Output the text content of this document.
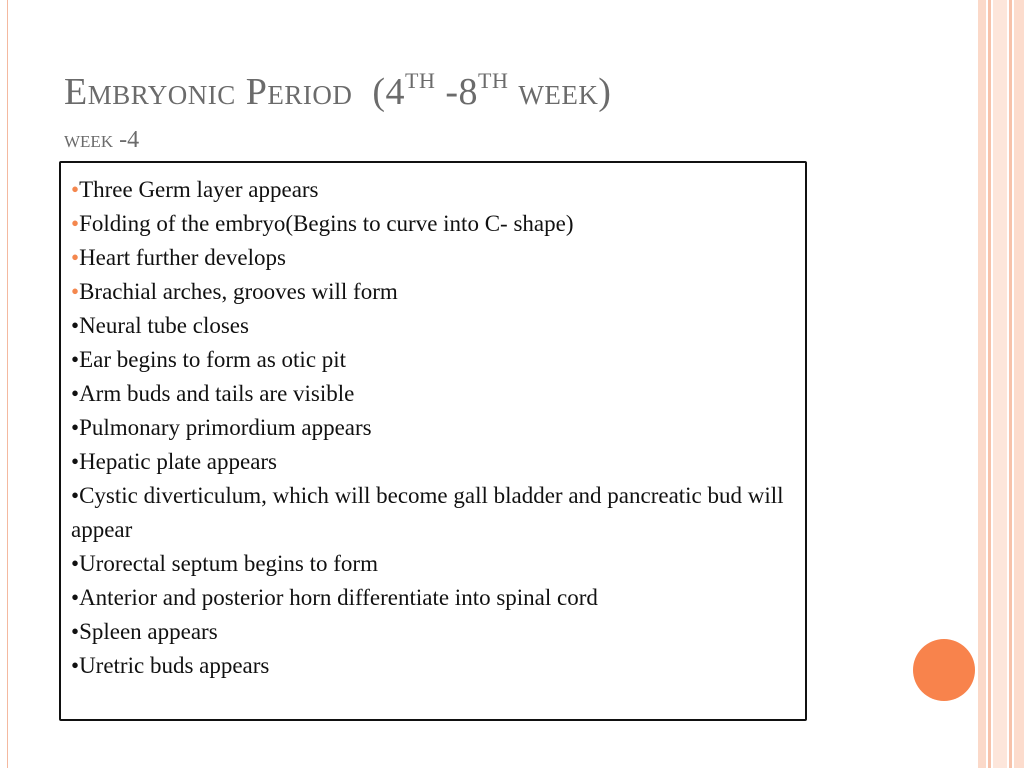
Embryonic Period (4TH -8TH week)
week -4
•Three Germ layer appears
•Folding of the embryo(Begins to curve into C- shape)
•Heart further develops
•Brachial arches, grooves will form
•Neural tube closes
•Ear begins to form as otic pit
•Arm buds and tails are visible
•Pulmonary primordium appears
•Hepatic plate appears
•Cystic diverticulum, which will become gall bladder and pancreatic bud will appear
•Urorectal septum begins to form
•Anterior and posterior horn differentiate into spinal cord
•Spleen appears
•Uretric buds appears
